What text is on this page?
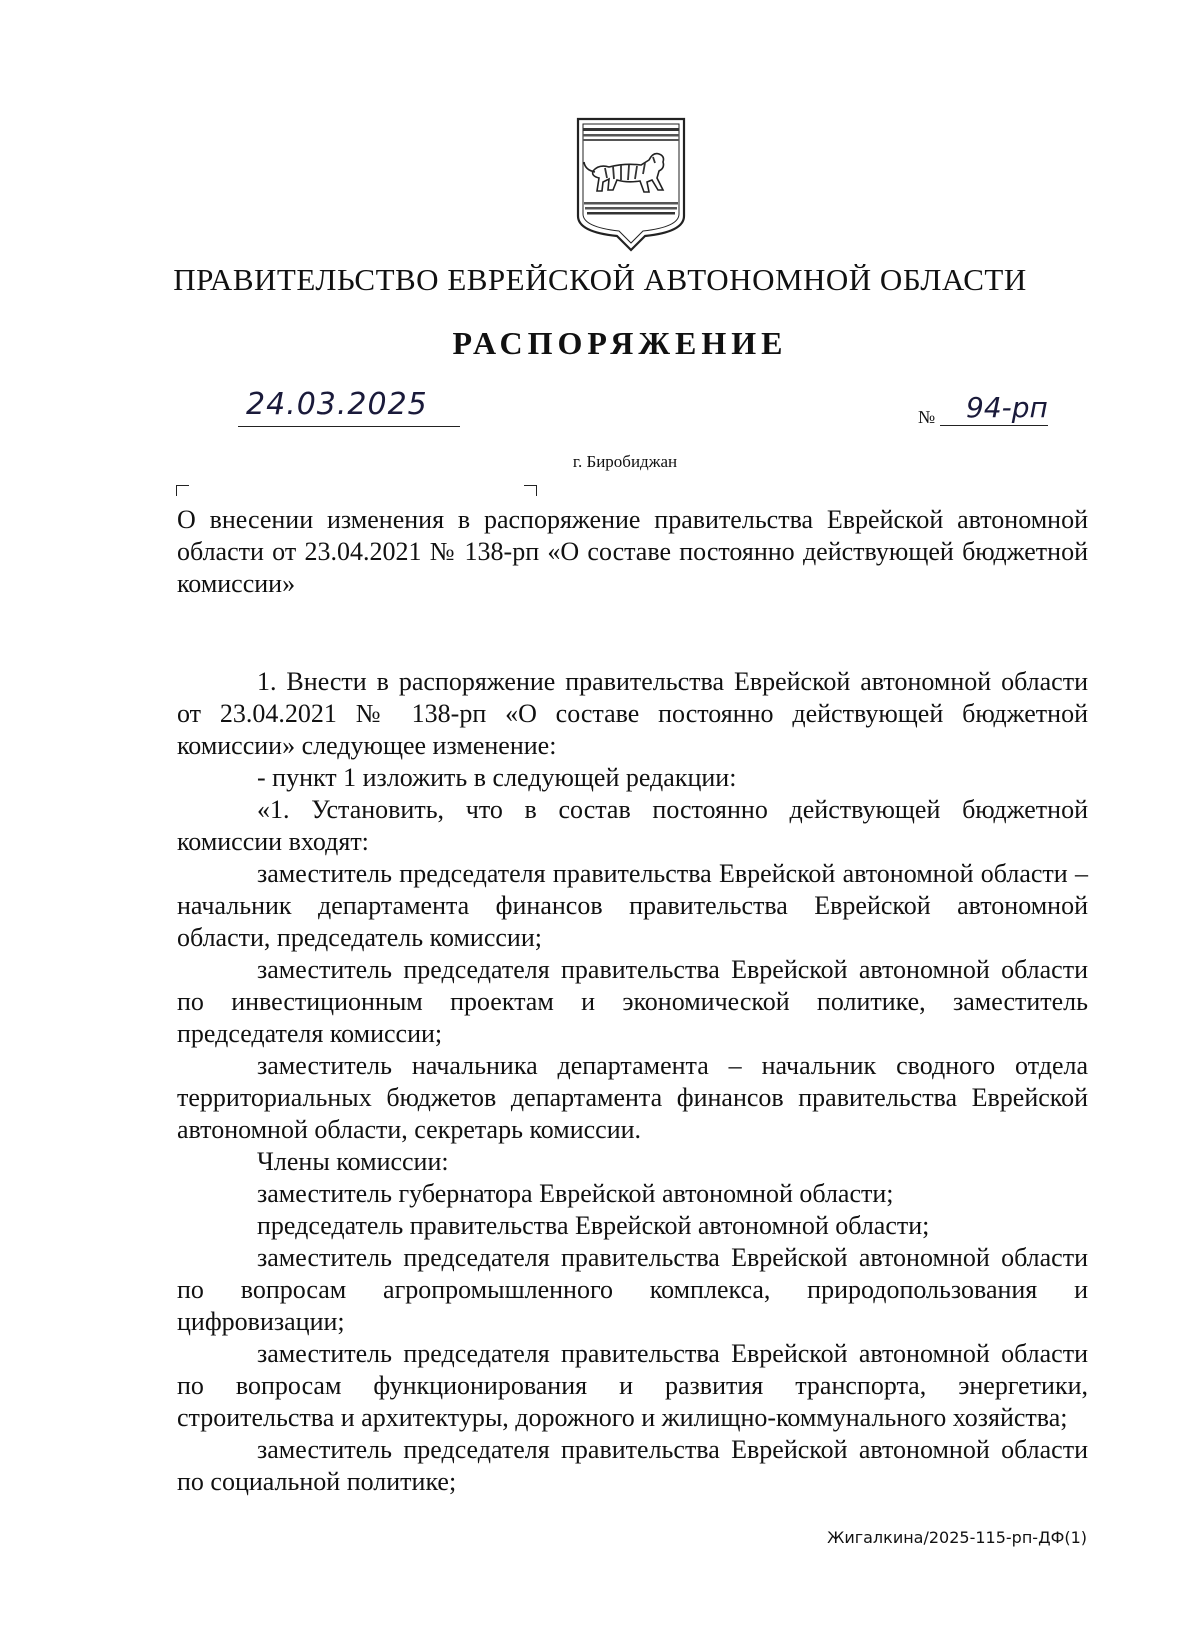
ПРАВИТЕЛЬСТВО ЕВРЕЙСКОЙ АВТОНОМНОЙ ОБЛАСТИ
РАСПОРЯЖЕНИЕ
24.03.2025	№ 94-рп
г. Биробиджан
О внесении изменения в распоряжение правительства Еврейской автономной области от 23.04.2021 № 138-рп «О составе постоянно действующей бюджетной комиссии»

1. Внести в распоряжение правительства Еврейской автономной области от 23.04.2021 № 138-рп «О составе постоянно действующей бюджетной комиссии» следующее изменение:

- пункт 1 изложить в следующей редакции:

«1. Установить, что в состав постоянно действующей бюджетной комиссии входят:

заместитель председателя правительства Еврейской автономной области – начальник департамента финансов правительства Еврейской автономной области, председатель комиссии;

заместитель председателя правительства Еврейской автономной области по инвестиционным проектам и экономической политике, заместитель председателя комиссии;

заместитель начальника департамента – начальник сводного отдела территориальных бюджетов департамента финансов правительства Еврейской автономной области, секретарь комиссии.

Члены комиссии:

заместитель губернатора Еврейской автономной области;

председатель правительства Еврейской автономной области;

заместитель председателя правительства Еврейской автономной области по вопросам агропромышленного комплекса, природопользования и цифровизации;

заместитель председателя правительства Еврейской автономной области по вопросам функционирования и развития транспорта, энергетики, строительства и архитектуры, дорожного и жилищно-коммунального хозяйства;

заместитель председателя правительства Еврейской автономной области по социальной политике;

Жигалкина/2025-115-рп-ДФ(1)
